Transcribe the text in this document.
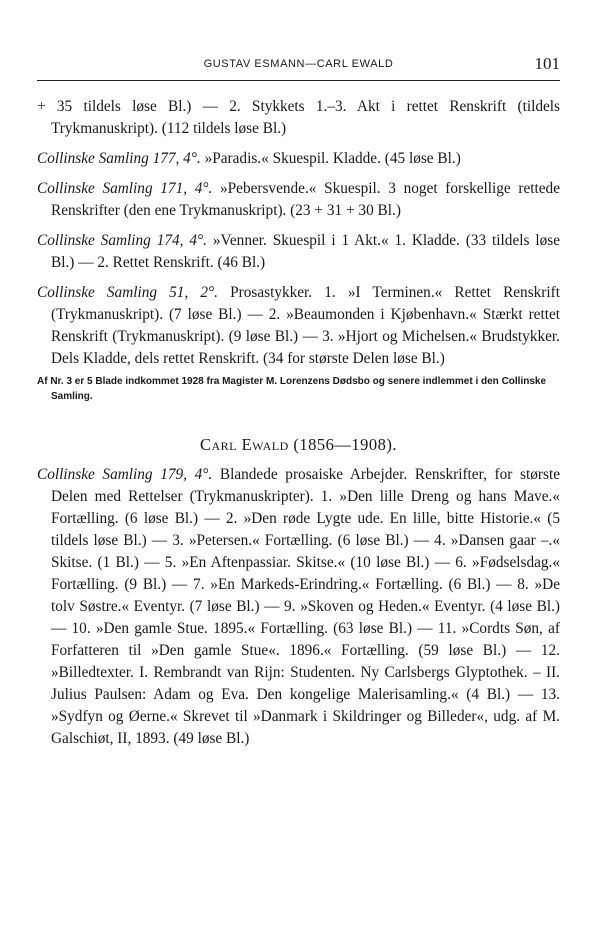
GUSTAV ESMANN—CARL EWALD	101

+ 35 tildels løse Bl.) — 2. Stykkets 1.–3. Akt i rettet Renskrift (tildels Trykmanuskript). (112 tildels løse Bl.)

Collinske Samling 177, 4°. »Paradis.« Skuespil. Kladde. (45 løse Bl.)

Collinske Samling 171, 4°. »Pebersvende.« Skuespil. 3 noget forskellige rettede Renskrifter (den ene Trykmanuskript). (23 + 31 + 30 Bl.)

Collinske Samling 174, 4°. »Venner. Skuespil i 1 Akt.« 1. Kladde. (33 tildels løse Bl.) — 2. Rettet Renskrift. (46 Bl.)

Collinske Samling 51, 2°. Prosastykker. 1. »I Terminen.« Rettet Renskrift (Trykmanuskript). (7 løse Bl.) — 2. »Beaumonden i Kjøbenhavn.« Stærkt rettet Renskrift (Trykmanuskript). (9 løse Bl.) — 3. »Hjort og Michelsen.« Brudstykker. Dels Kladde, dels rettet Renskrift. (34 for største Delen løse Bl.)

Af Nr. 3 er 5 Blade indkommet 1928 fra Magister M. Lorenzens Dødsbo og senere indlemmet i den Collinske Samling.

Carl Ewald (1856—1908).

Collinske Samling 179, 4°. Blandede prosaiske Arbejder. Renskrifter, for største Delen med Rettelser (Trykmanuskripter). 1. »Den lille Dreng og hans Mave.« Fortælling. (6 løse Bl.) — 2. »Den røde Lygte ude. En lille, bitte Historie.« (5 tildels løse Bl.) — 3. »Petersen.« Fortælling. (6 løse Bl.) — 4. »Dansen gaar –.« Skitse. (1 Bl.) — 5. »En Aftenpassiar. Skitse.« (10 løse Bl.) — 6. »Fødselsdag.« Fortælling. (9 Bl.) — 7. »En Markeds-Erindring.« Fortælling. (6 Bl.) — 8. »De tolv Søstre.« Eventyr. (7 løse Bl.) — 9. »Skoven og Heden.« Eventyr. (4 løse Bl.) — 10. »Den gamle Stue. 1895.« Fortælling. (63 løse Bl.) — 11. »Cordts Søn, af Forfatteren til »Den gamle Stue«. 1896.« Fortælling. (59 løse Bl.) — 12. »Billedtexter. I. Rembrandt van Rijn: Studenten. Ny Carlsbergs Glyptothek. – II. Julius Paulsen: Adam og Eva. Den kongelige Malerisamling.« (4 Bl.) — 13. »Sydfyn og Øerne.« Skrevet til »Danmark i Skildringer og Billeder«, udg. af M. Galschiøt, II, 1893. (49 løse Bl.)
